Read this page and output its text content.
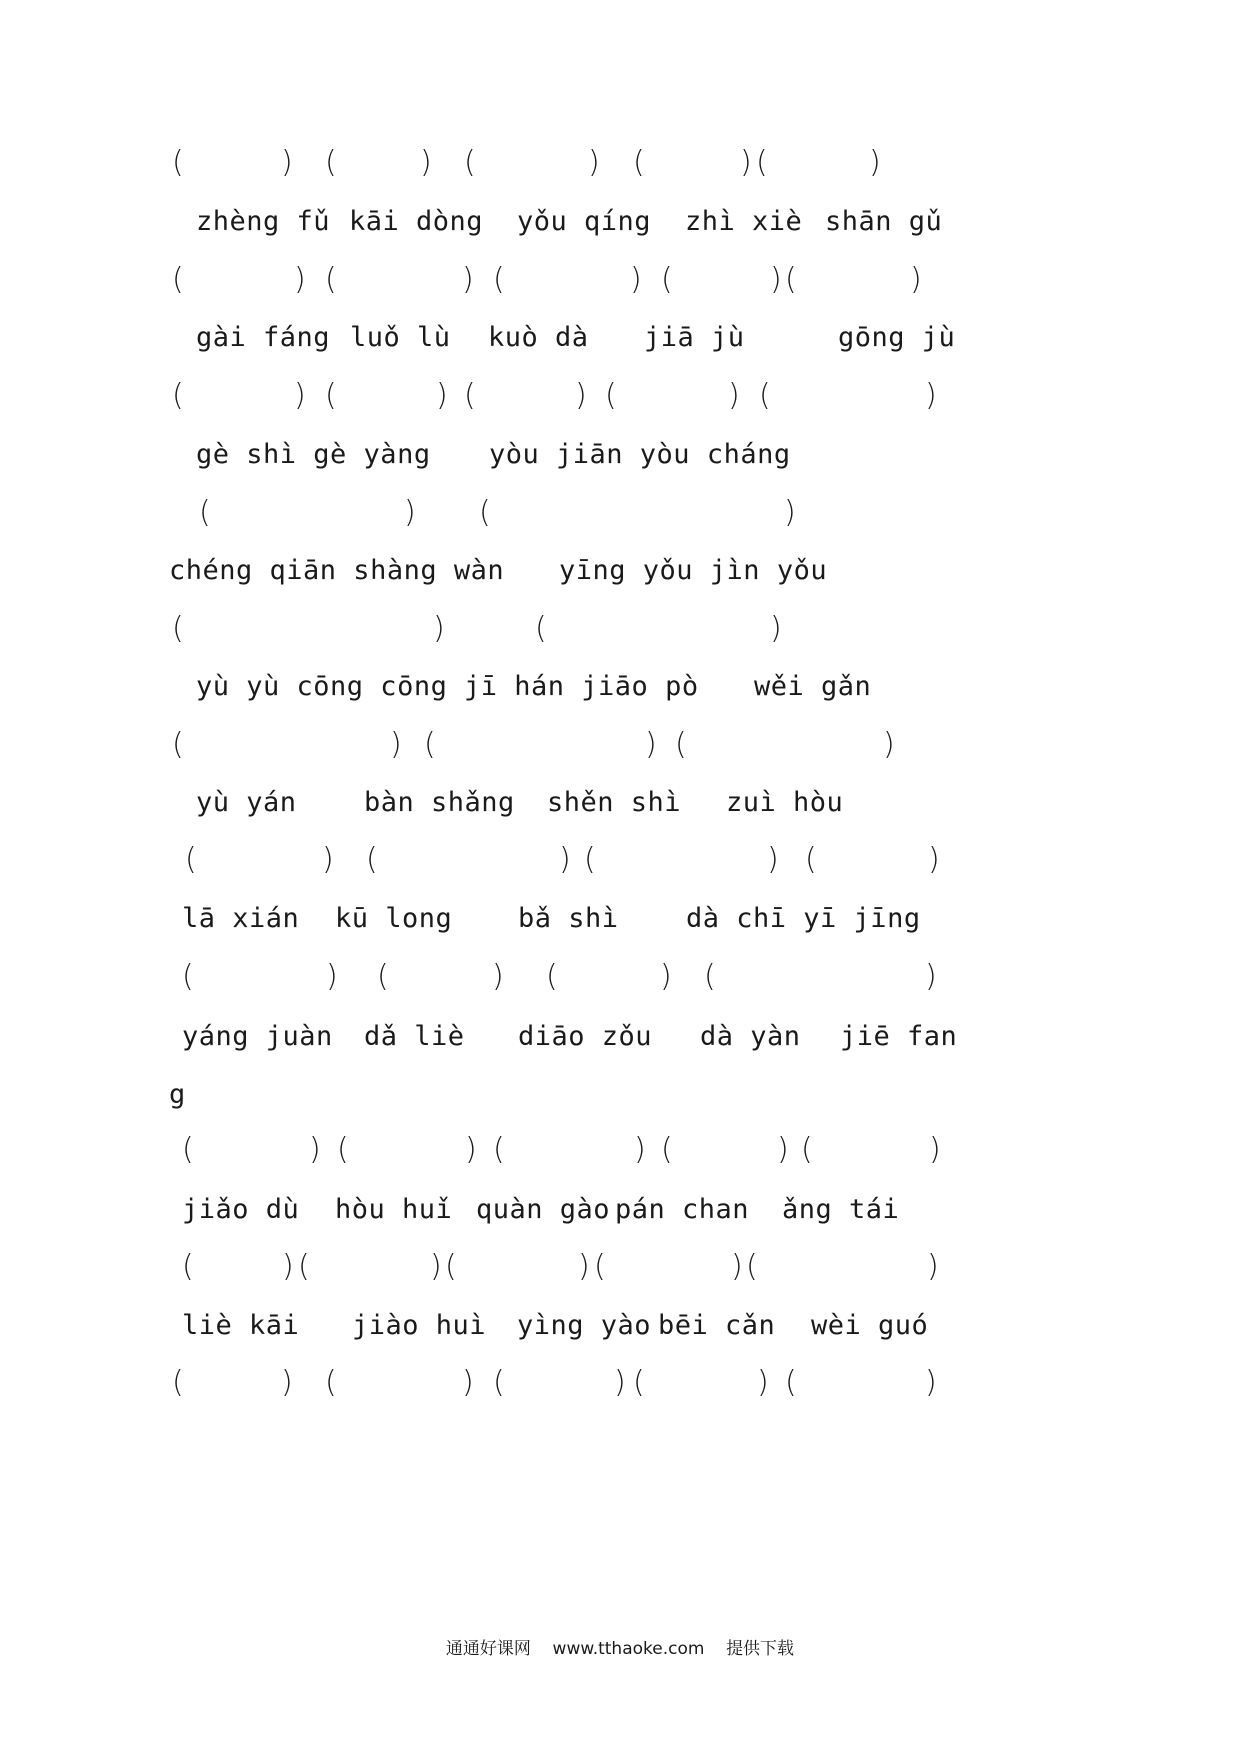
(	) (	) (	) (	) (	)
zhèng fǔ kāi dòng yǒu qíng zhì xiè shān gǔ
(	) (	) (	) (	) (	)
gài fáng luǒ lù kuò dà jiā jù	gōng jù
(	) (	) (	) (	) (	)
gè shì gè yàng yòu jiān yòu cháng
(	) (	)
chéng qiān shàng wàn yīng yǒu jìn yǒu
(	)	(	)
yù yù cōng cōng jī hán jiāo pò wěi gǎn
(	) (	) (	)
yù yán bàn shǎng shěn shì zuì hòu
(	) (	) (	) (	)
lā xián kū long bǎ shì dà chī yī jīng
(	) (	) (	) (	)
yáng juàn dǎ liè diāo zǒu dà yàn jiē fan
g
(	) (	) (	) (	) (	)
jiǎo dù hòu huǐ quàn gào pán chan ǎng tái
(	) (	) (	) (	) (	)
liè kāi jiào huì yìng yào bēi cǎn wèi guó
(	) (	) (	) (	) (	)
通通好课网 www.tthaoke.com 提供下载
